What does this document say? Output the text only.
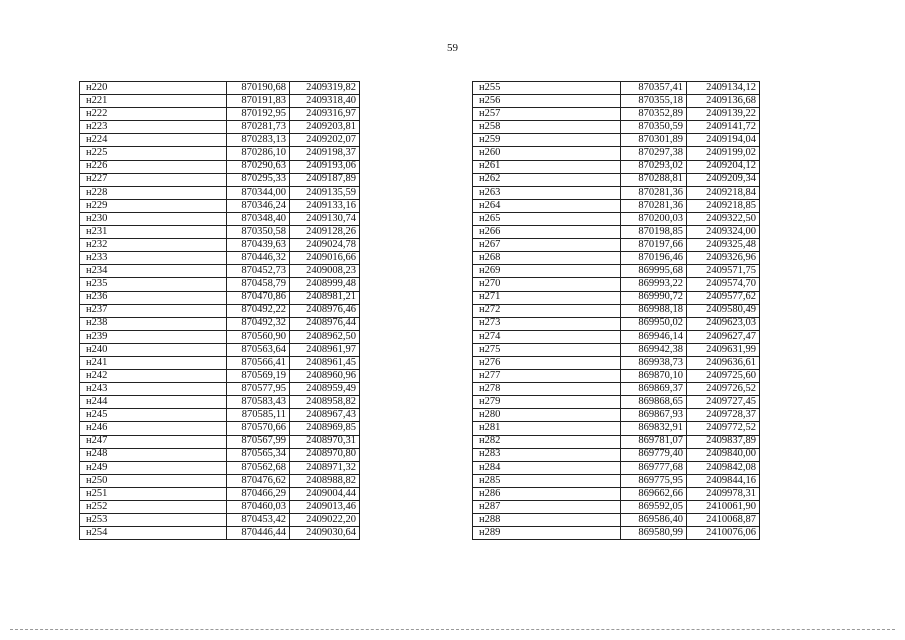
59
н220	870190,68	2409319,82
н221	870191,83	2409318,40
н222	870192,95	2409316,97
н223	870281,73	2409203,81
н224	870283,13	2409202,07
н225	870286,10	2409198,37
н226	870290,63	2409193,06
н227	870295,33	2409187,89
н228	870344,00	2409135,59
н229	870346,24	2409133,16
н230	870348,40	2409130,74
н231	870350,58	2409128,26
н232	870439,63	2409024,78
н233	870446,32	2409016,66
н234	870452,73	2409008,23
н235	870458,79	2408999,48
н236	870470,86	2408981,21
н237	870492,22	2408976,46
н238	870492,32	2408976,44
н239	870560,90	2408962,50
н240	870563,64	2408961,97
н241	870566,41	2408961,45
н242	870569,19	2408960,96
н243	870577,95	2408959,49
н244	870583,43	2408958,82
н245	870585,11	2408967,43
н246	870570,66	2408969,85
н247	870567,99	2408970,31
н248	870565,34	2408970,80
н249	870562,68	2408971,32
н250	870476,62	2408988,82
н251	870466,29	2409004,44
н252	870460,03	2409013,46
н253	870453,42	2409022,20
н254	870446,44	2409030,64
н255	870357,41	2409134,12
н256	870355,18	2409136,68
н257	870352,89	2409139,22
н258	870350,59	2409141,72
н259	870301,89	2409194,04
н260	870297,38	2409199,02
н261	870293,02	2409204,12
н262	870288,81	2409209,34
н263	870281,36	2409218,84
н264	870281,36	2409218,85
н265	870200,03	2409322,50
н266	870198,85	2409324,00
н267	870197,66	2409325,48
н268	870196,46	2409326,96
н269	869995,68	2409571,75
н270	869993,22	2409574,70
н271	869990,72	2409577,62
н272	869988,18	2409580,49
н273	869950,02	2409623,03
н274	869946,14	2409627,47
н275	869942,38	2409631,99
н276	869938,73	2409636,61
н277	869870,10	2409725,60
н278	869869,37	2409726,52
н279	869868,65	2409727,45
н280	869867,93	2409728,37
н281	869832,91	2409772,52
н282	869781,07	2409837,89
н283	869779,40	2409840,00
н284	869777,68	2409842,08
н285	869775,95	2409844,16
н286	869662,66	2409978,31
н287	869592,05	2410061,90
н288	869586,40	2410068,87
н289	869580,99	2410076,06
